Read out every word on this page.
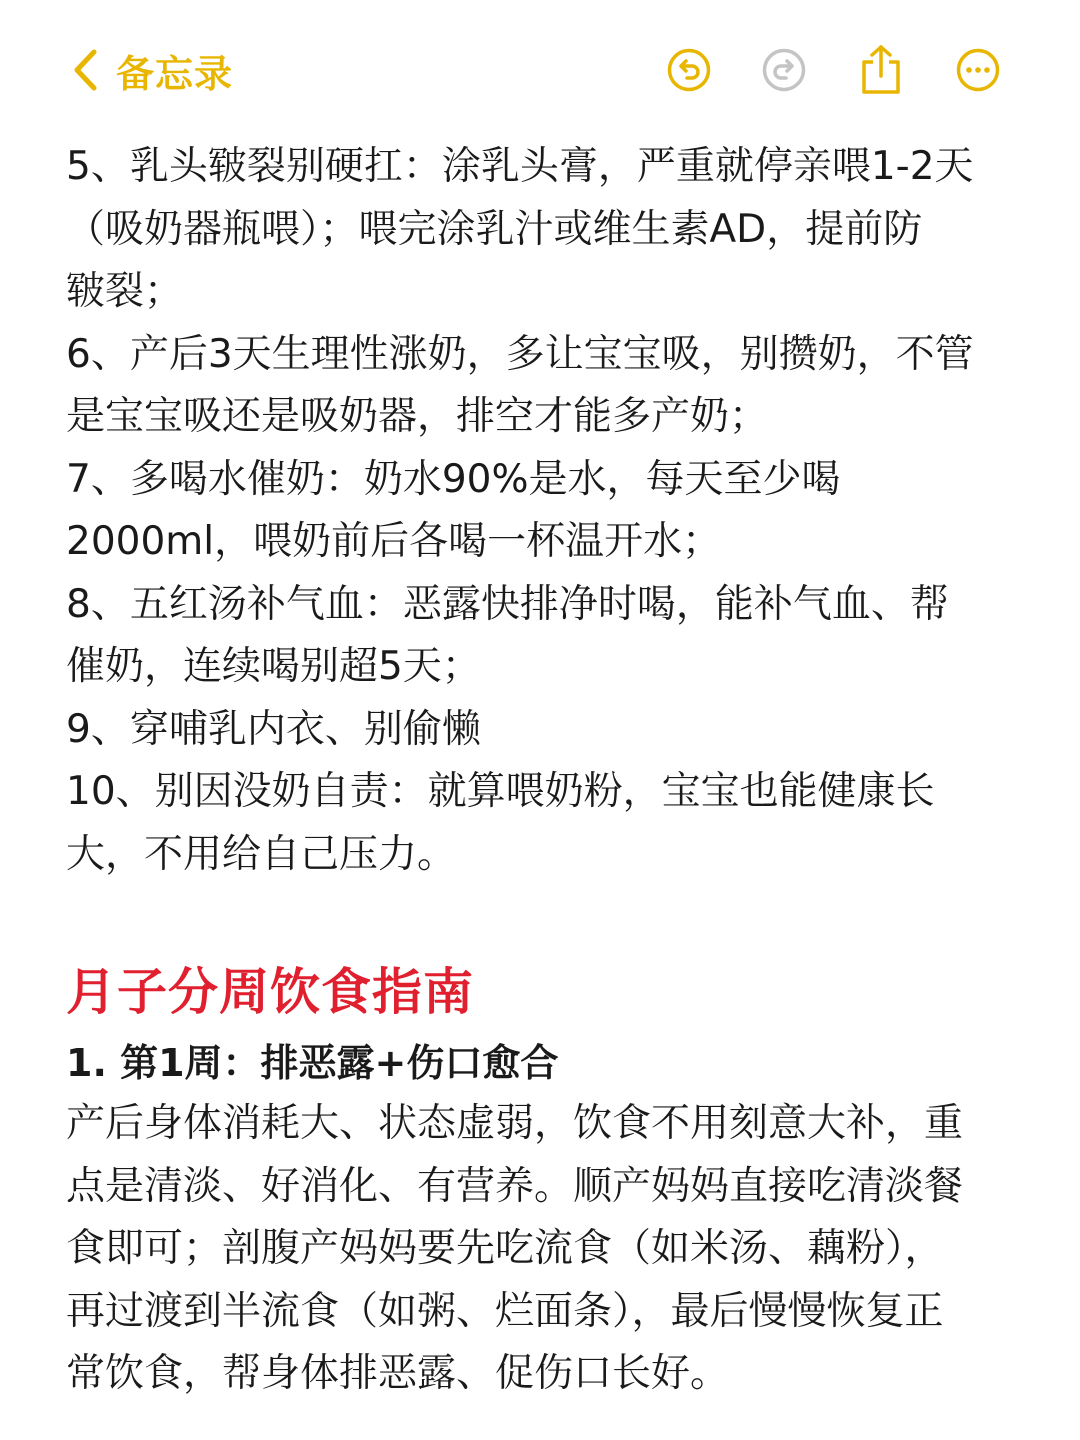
备忘录

5、乳头皲裂别硬扛：涂乳头膏，严重就停亲喂1-2天
（吸奶器瓶喂）；喂完涂乳汁或维生素AD，提前防
皲裂；

6、产后3天生理性涨奶，多让宝宝吸，别攒奶，不管
是宝宝吸还是吸奶器，排空才能多产奶；

7、多喝水催奶：奶水90%是水，每天至少喝
2000ml，喂奶前后各喝一杯温开水；

8、五红汤补气血：恶露快排净时喝，能补气血、帮
催奶，连续喝别超5天；

9、穿哺乳内衣、别偷懒

10、别因没奶自责：就算喂奶粉，宝宝也能健康长
大，不用给自己压力。

月子分周饮食指南
1. 第1周：排恶露+伤口愈合
产后身体消耗大、状态虚弱，饮食不用刻意大补，重
点是清淡、好消化、有营养。顺产妈妈直接吃清淡餐
食即可；剖腹产妈妈要先吃流食（如米汤、藕粉），
再过渡到半流食（如粥、烂面条），最后慢慢恢复正
常饮食，帮身体排恶露、促伤口长好。
